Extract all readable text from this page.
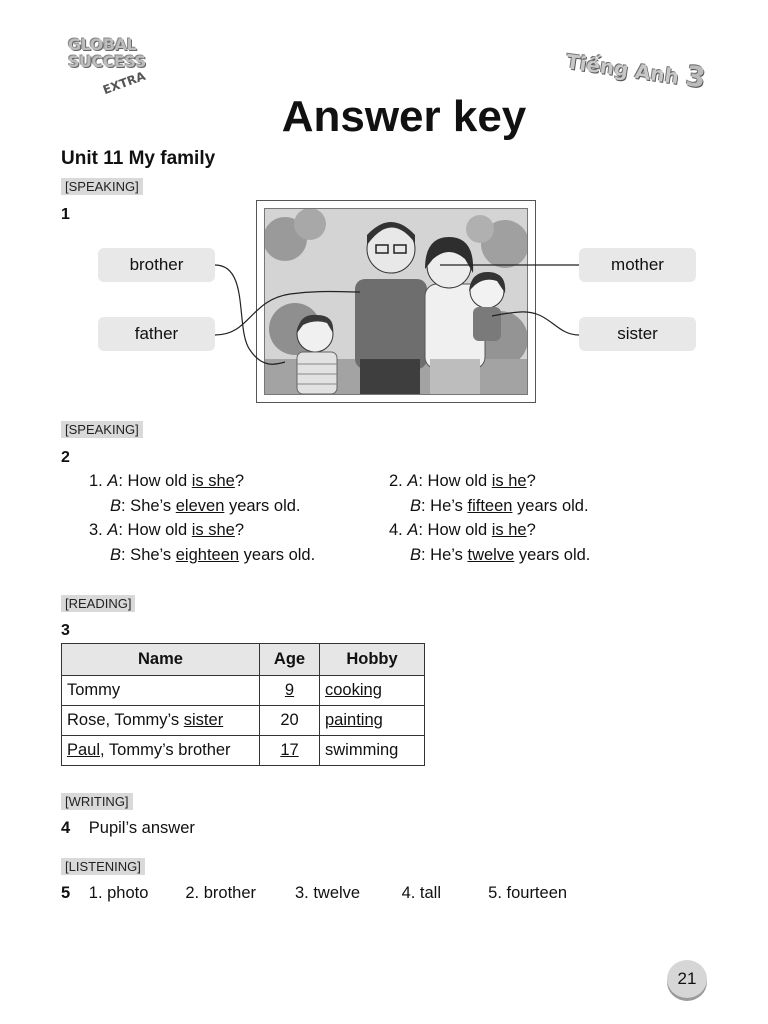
GLOBAL
SUCCESS
EXTRA	Tiếng Anh 3
Answer key
Unit 11 My family
[SPEAKING]
1
brother
father
mother
sister
[SPEAKING]
2
1. A: How old is she?
B: She’s eleven years old.
2. A: How old is he?
B: He’s fifteen years old.
3. A: How old is she?
B: She’s eighteen years old.
4. A: How old is he?
B: He’s twelve years old.
[READING]
3
Name	Age	Hobby
Tommy	9	cooking
Rose, Tommy’s sister	20	painting
Paul, Tommy’s brother	17	swimming
[WRITING]
4 Pupil’s answer
[LISTENING]
5 1. photo 2. brother 3. twelve	4. tall	5. fourteen
21
